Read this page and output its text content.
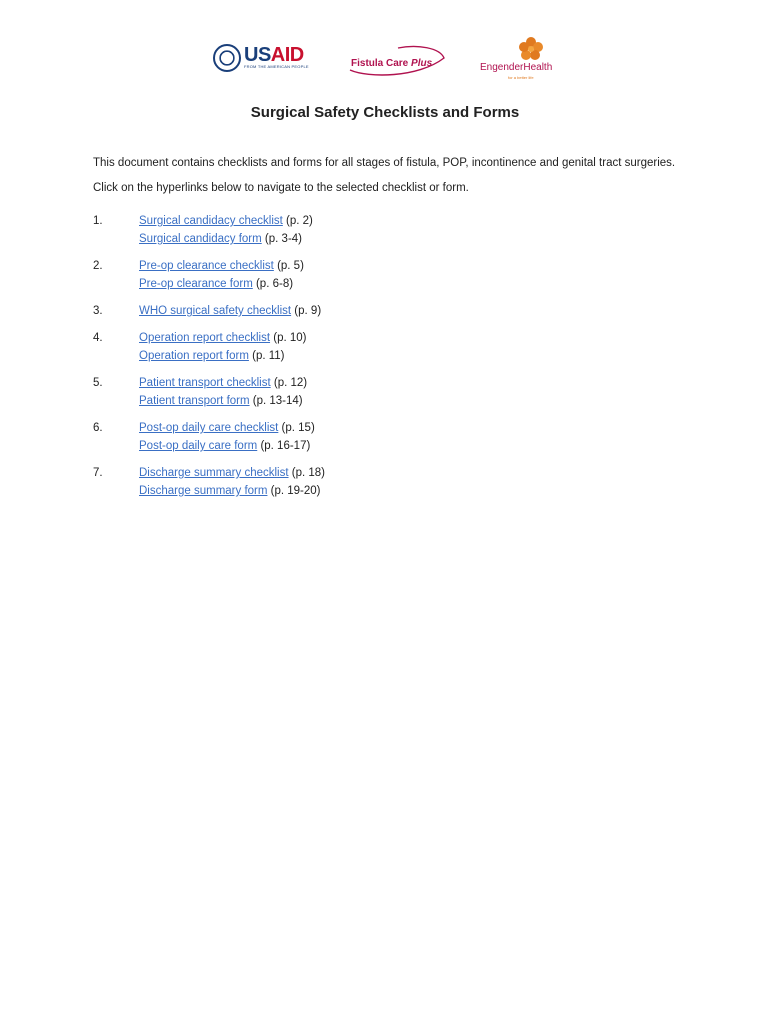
USAID
FROM THE AMERICAN PEOPLE	Fistula Care Plus	EngenderHealth
for a better life
Surgical Safety Checklists and Forms

This document contains checklists and forms for all stages of fistula, POP, incontinence and genital tract surgeries. Click on the hyperlinks below to navigate to the selected checklist or form.

1.	Surgical candidacy checklist (p. 2)
Surgical candidacy form (p. 3-4)
2.	Pre-op clearance checklist (p. 5)
Pre-op clearance form (p. 6-8)
3.	WHO surgical safety checklist (p. 9)
4.	Operation report checklist (p. 10)
Operation report form (p. 11)
5.	Patient transport checklist (p. 12)
Patient transport form (p. 13-14)
6.	Post-op daily care checklist (p. 15)
Post-op daily care form (p. 16-17)
7.	Discharge summary checklist (p. 18)
Discharge summary form (p. 19-20)
